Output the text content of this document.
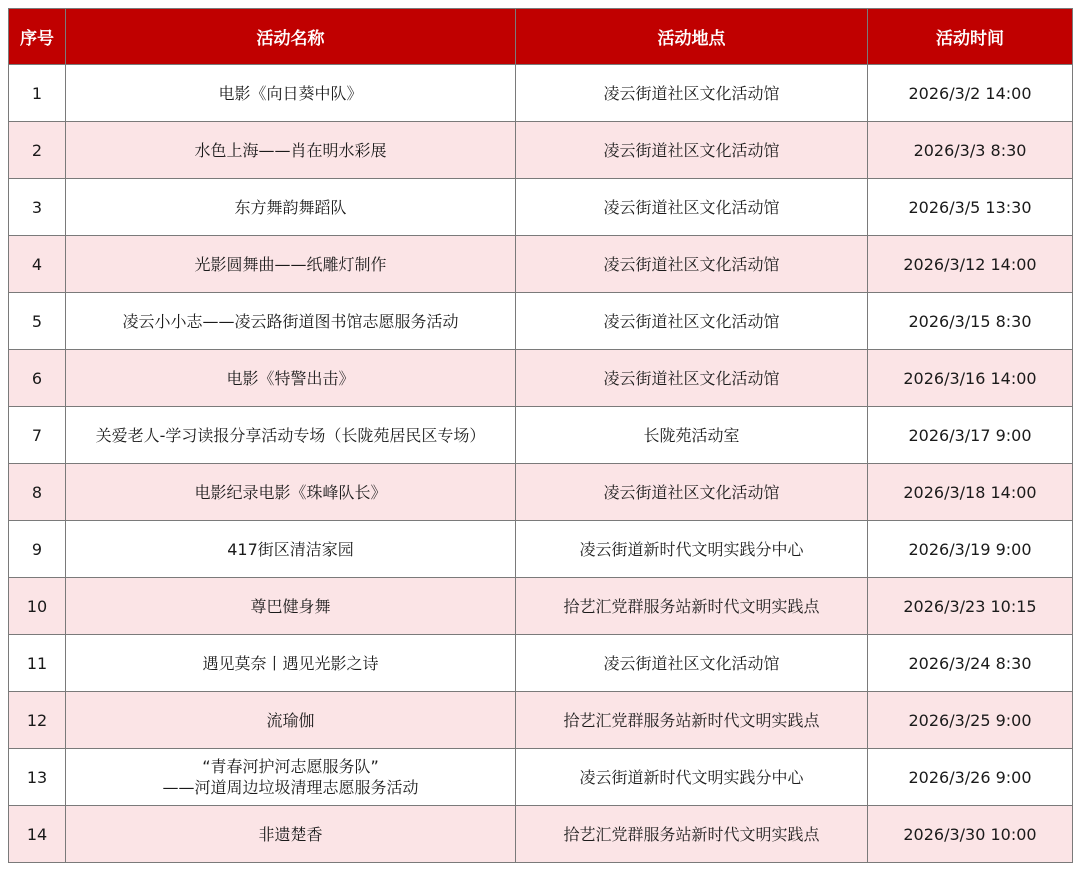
序号	活动名称	活动地点	活动时间
1	电影《向日葵中队》	凌云街道社区文化活动馆	2026/3/2 14:00
2	水色上海——肖在明水彩展	凌云街道社区文化活动馆	2026/3/3 8:30
3	东方舞韵舞蹈队	凌云街道社区文化活动馆	2026/3/5 13:30
4	光影圆舞曲——纸雕灯制作	凌云街道社区文化活动馆	2026/3/12 14:00
5	凌云小小志——凌云路街道图书馆志愿服务活动	凌云街道社区文化活动馆	2026/3/15 8:30
6	电影《特警出击》	凌云街道社区文化活动馆	2026/3/16 14:00
7	关爱老人-学习读报分享活动专场（长陇苑居民区专场）	长陇苑活动室	2026/3/17 9:00
8	电影纪录电影《珠峰队长》	凌云街道社区文化活动馆	2026/3/18 14:00
9	417街区清洁家园	凌云街道新时代文明实践分中心	2026/3/19 9:00
10	尊巴健身舞	拾艺汇党群服务站新时代文明实践点	2026/3/23 10:15
11	遇见莫奈丨遇见光影之诗	凌云街道社区文化活动馆	2026/3/24 8:30
12	流瑜伽	拾艺汇党群服务站新时代文明实践点	2026/3/25 9:00
13	“青春河护河志愿服务队”
——河道周边垃圾清理志愿服务活动	凌云街道新时代文明实践分中心	2026/3/26 9:00
14	非遗楚香	拾艺汇党群服务站新时代文明实践点	2026/3/30 10:00
